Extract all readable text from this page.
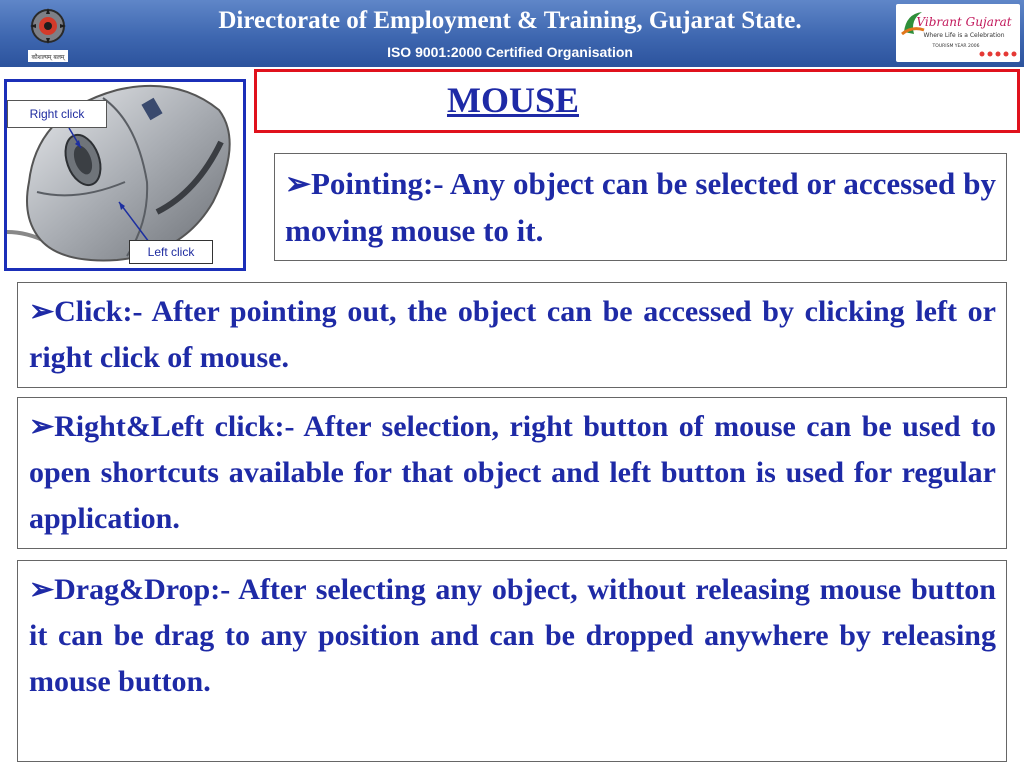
कौशल्यम् बलम्
Directorate of Employment & Training, Gujarat State.
ISO 9001:2000 Certified Organisation
Vibrant Gujarat
Where Life is a Celebration
TOURISM YEAR 2006
Right click
Left click
MOUSE

➢Pointing:- Any object can be selected or accessed by moving mouse to it.

➢Click:- After pointing out, the object can be accessed by clicking left or right click of mouse.

➢Right&Left click:- After selection, right button of mouse can be used to open shortcuts available for that object and left button is used for regular application.

➢Drag&Drop:- After selecting any object, without releasing mouse button it can be drag to any position and can be dropped anywhere by releasing mouse button.
